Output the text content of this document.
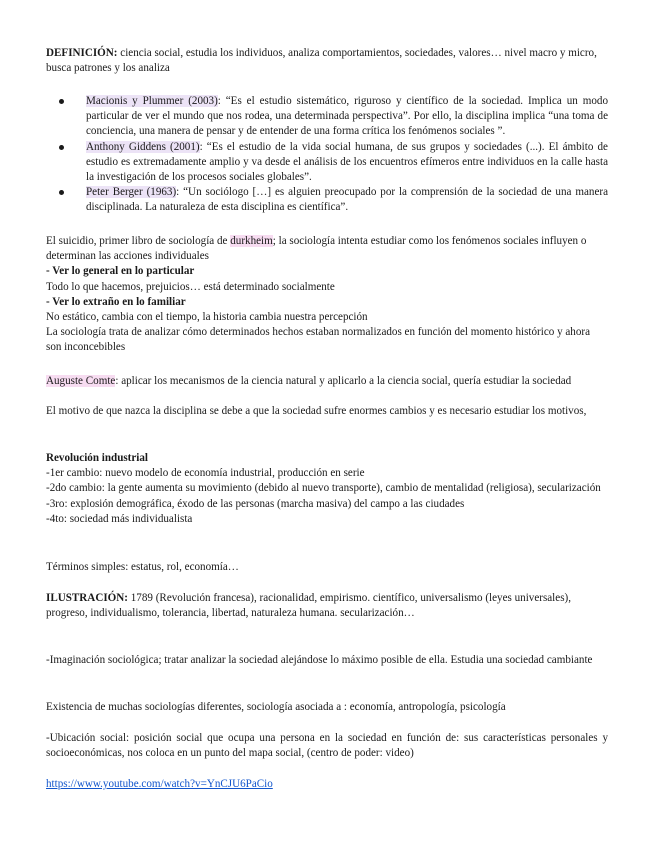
DEFINICIÓN: ciencia social, estudia los individuos, analiza comportamientos, sociedades, valores… nivel macro y micro, busca patrones y los analiza

Macionis y Plummer (2003): “Es el estudio sistemático, riguroso y científico de la sociedad. Implica un modo particular de ver el mundo que nos rodea, una determinada perspectiva”. Por ello, la disciplina implica “una toma de conciencia, una manera de pensar y de entender de una forma crítica los fenómenos sociales ”.
Anthony Giddens (2001): “Es el estudio de la vida social humana, de sus grupos y sociedades (...). El ámbito de estudio es extremadamente amplio y va desde el análisis de los encuentros efímeros entre individuos en la calle hasta la investigación de los procesos sociales globales”.
Peter Berger (1963): “Un sociólogo […] es alguien preocupado por la comprensión de la sociedad de una manera disciplinada. La naturaleza de esta disciplina es científica”.

El suicidio, primer libro de sociología de durkheim; la sociología intenta estudiar como los fenómenos sociales influyen o determinan las acciones individuales

- Ver lo general en lo particular

Todo lo que hacemos, prejuicios… está determinado socialmente

- Ver lo extraño en lo familiar

No estático, cambia con el tiempo, la historia cambia nuestra percepción

La sociología trata de analizar cómo determinados hechos estaban normalizados en función del momento histórico y ahora son inconcebibles

Auguste Comte: aplicar los mecanismos de la ciencia natural y aplicarlo a la ciencia social, quería estudiar la sociedad

El motivo de que nazca la disciplina se debe a que la sociedad sufre enormes cambios y es necesario estudiar los motivos,

Revolución industrial

-1er cambio: nuevo modelo de economía industrial, producción en serie

-2do cambio: la gente aumenta su movimiento (debido al nuevo transporte), cambio de mentalidad (religiosa), secularización

-3ro: explosión demográfica, éxodo de las personas (marcha masiva) del campo a las ciudades

-4to: sociedad más individualista

Términos simples: estatus, rol, economía…

ILUSTRACIÓN: 1789 (Revolución francesa), racionalidad, empirismo. científico, universalismo (leyes universales), progreso, individualismo, tolerancia, libertad, naturaleza humana. secularización…

-Imaginación sociológica; tratar analizar la sociedad alejándose lo máximo posible de ella. Estudia una sociedad cambiante

Existencia de muchas sociologías diferentes, sociología asociada a : economía, antropología, psicología

-Ubicación social: posición social que ocupa una persona en la sociedad en función de: sus características personales y socioeconómicas, nos coloca en un punto del mapa social, (centro de poder: video)

https://www.youtube.com/watch?v=YnCJU6PaCio
